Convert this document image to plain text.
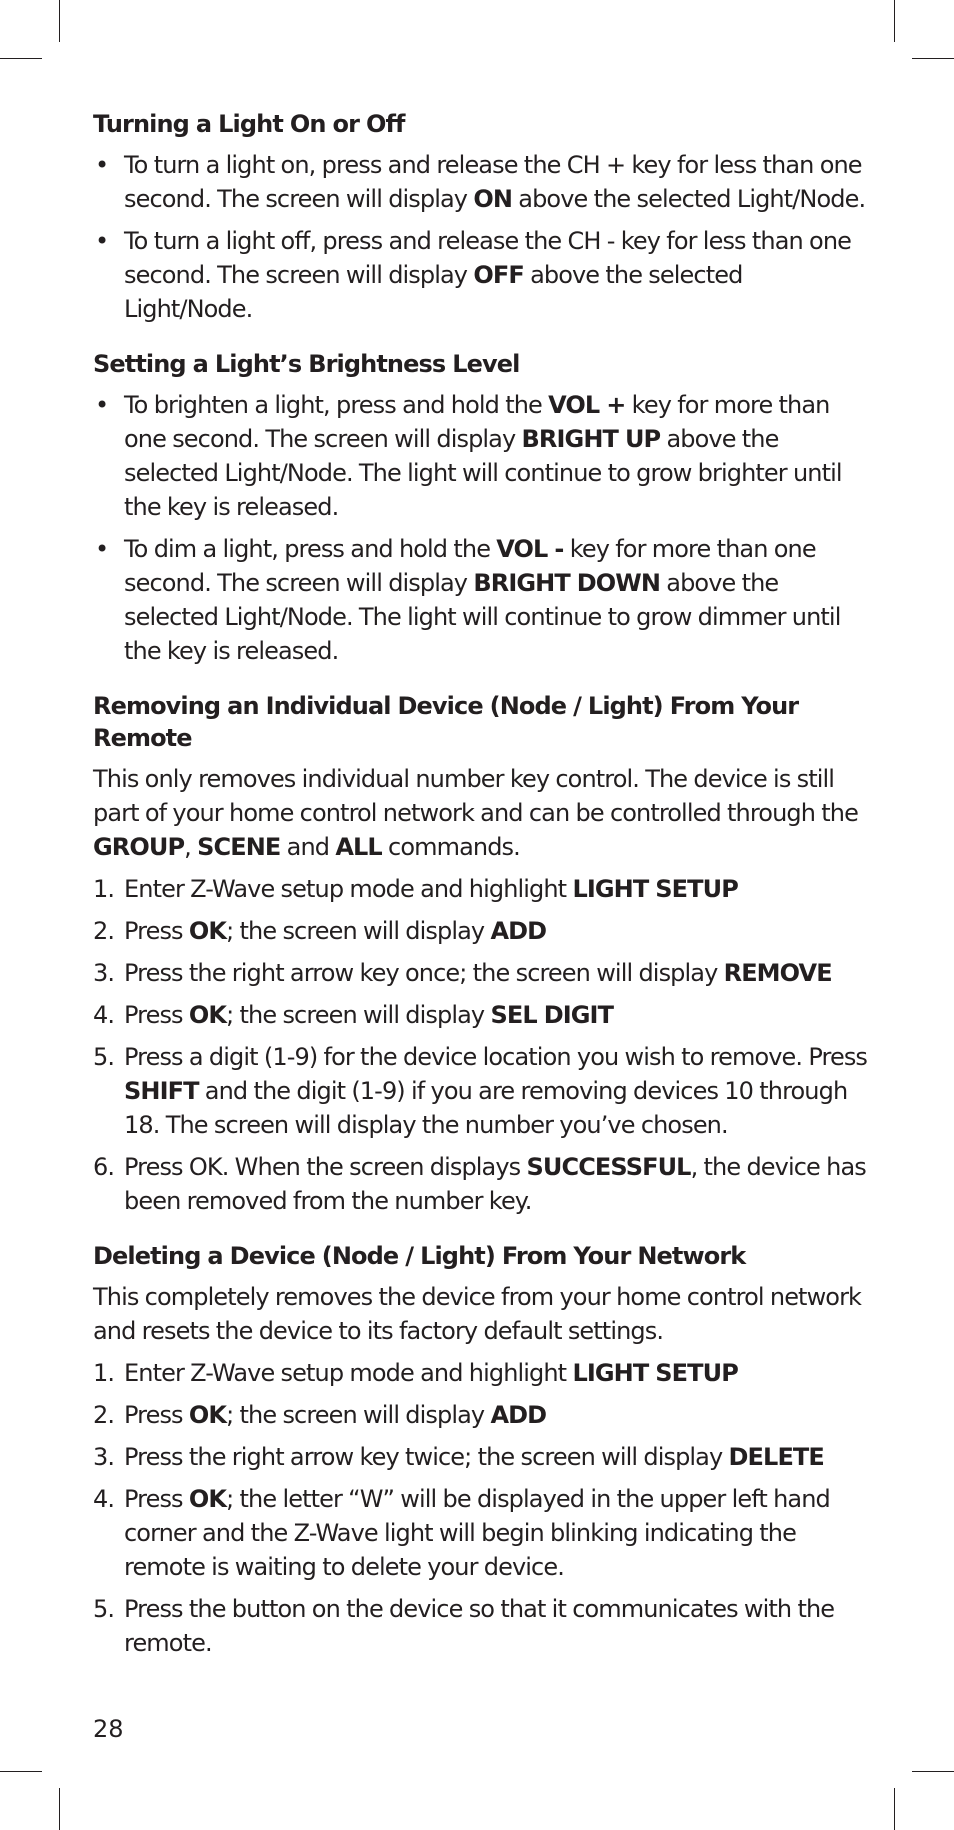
Turning a Light On or Off
• To turn a light on, press and release the CH + key for less than one second. The screen will display ON above the selected Light/Node.
• To turn a light off, press and release the CH - key for less than one second. The screen will display OFF above the selected Light/Node.
Setting a Light’s Brightness Level
• To brighten a light, press and hold the VOL + key for more than one second. The screen will display BRIGHT UP above the selected Light/Node. The light will continue to grow brighter until the key is released.
• To dim a light, press and hold the VOL - key for more than one second. The screen will display BRIGHT DOWN above the selected Light/Node. The light will continue to grow dimmer until the key is released.
Removing an Individual Device (Node / Light) From Your Remote

This only removes individual number key control. The device is still part of your home control network and can be controlled through the GROUP, SCENE and ALL commands.

1. Enter Z-Wave setup mode and highlight LIGHT SETUP
2. Press OK; the screen will display ADD
3. Press the right arrow key once; the screen will display REMOVE
4. Press OK; the screen will display SEL DIGIT
5. Press a digit (1-9) for the device location you wish to remove. Press SHIFT and the digit (1-9) if you are removing devices 10 through 18. The screen will display the number you’ve chosen.
6. Press OK. When the screen displays SUCCESSFUL, the device has been removed from the number key.
Deleting a Device (Node / Light) From Your Network

This completely removes the device from your home control network and resets the device to its factory default settings.

1. Enter Z-Wave setup mode and highlight LIGHT SETUP
2. Press OK; the screen will display ADD
3. Press the right arrow key twice; the screen will display DELETE
4. Press OK; the letter “W” will be displayed in the upper left hand corner and the Z-Wave light will begin blinking indicating the remote is waiting to delete your device.
5. Press the button on the device so that it communicates with the remote.
28
